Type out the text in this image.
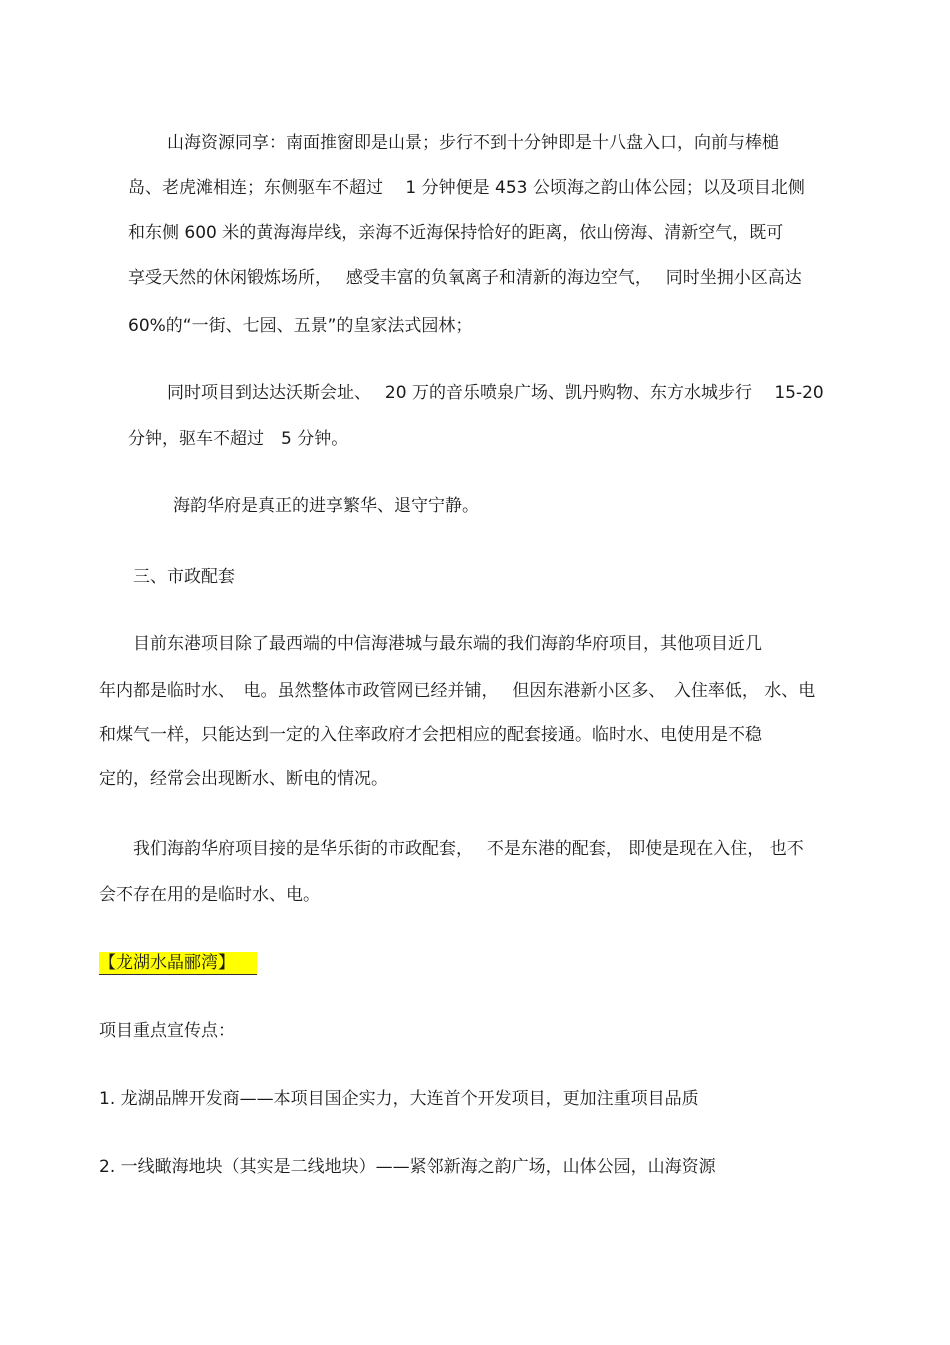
山海资源同享：南面推窗即是山景；步行不到十分钟即是十八盘入口，向前与棒槌
岛、老虎滩相连；东侧驱车不超过　 1 分钟便是 453 公顷海之韵山体公园；以及项目北侧
和东侧 600 米的黄海海岸线，亲海不近海保持恰好的距离，依山傍海、清新空气，既可
享受天然的休闲锻炼场所，　 感受丰富的负氧离子和清新的海边空气，　 同时坐拥小区高达
60%的“一街、七园、五景”的皇家法式园林；
同时项目到达达沃斯会址、　 20 万的音乐喷泉广场、凯丹购物、东方水城步行　 15-20
分钟，驱车不超过　5 分钟。
海韵华府是真正的进享繁华、退守宁静。
三、市政配套
目前东港项目除了最西端的中信海港城与最东端的我们海韵华府项目，其他项目近几
年内都是临时水、　电。虽然整体市政管网已经并铺，　 但因东港新小区多、　入住率低， 水、电
和煤气一样，只能达到一定的入住率政府才会把相应的配套接通。临时水、电使用是不稳
定的，经常会出现断水、断电的情况。
我们海韵华府项目接的是华乐街的市政配套，　 不是东港的配套， 即使是现在入住， 也不
会不存在用的是临时水、电。
【龙湖水晶郦湾】
项目重点宣传点：
1. 龙湖品牌开发商——本项目国企实力，大连首个开发项目，更加注重项目品质
2. 一线瞰海地块（其实是二线地块）——紧邻新海之韵广场，山体公园，山海资源
